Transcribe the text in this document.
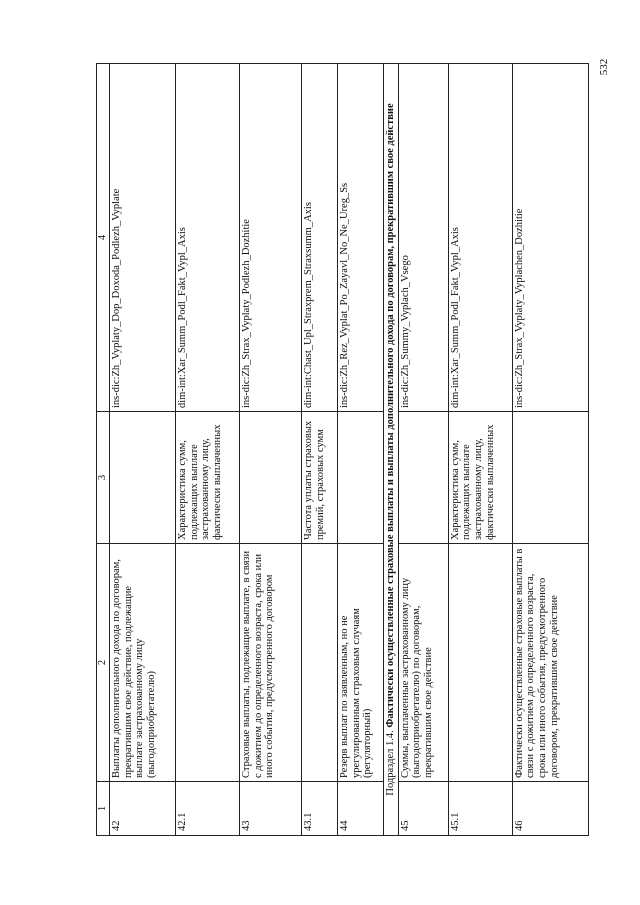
1	2	3	4
42	Выплаты дополнительного дохода по договорам, прекратившим свое действие, подлежащие выплате застрахованному лицу (выгодоприобретателю)		ins-dic:Zh_Vyplaty_Dop_Doxoda_Podlezh_Vyplate
42.1		Характеристика сумм, подлежащих выплате застрахованному лицу, фактически выплаченных	dim-int:Xar_Summ_Podl_Fakt_Vypl_Axis
43	Страховые выплаты, подлежащие выплате, в связи с дожитием до определенного возраста, срока или иного события, предусмотренного договором		ins-dic:Zh_Strax_Vyplaty_Podlezh_Dozhitie
43.1		Частота уплаты страховых премий, страховых сумм	dim-int:Chast_Upl_Straxprem_Straxsumm_Axis
44	Резерв выплат по заявленным, но не урегулированным страховым случаям (регуляторный)		ins-dic:Zh_Rez_Vyplat_Po_Zayavl_No_Ne_Ureg_Ss
Подраздел 1.4. Фактически осуществленные страховые выплаты и выплаты дополнительного дохода по договорам, прекратившим свое действие			
45	Суммы, выплаченные застрахованному лицу (выгодоприобретателю) по договорам, прекратившим свое действие		ins-dic:Zh_Summy_Vyplach_Vsego
45.1		Характеристика сумм, подлежащих выплате застрахованному лицу, фактически выплаченных	dim-int:Xar_Summ_Podl_Fakt_Vypl_Axis
46	Фактически осуществленные страховые выплаты в связи с дожитием до определенного возраста, срока или иного события, предусмотренного договором, прекратившим свое действие		ins-dic:Zh_Strax_Vyplaty_Vyplachen_Dozhitie
532
